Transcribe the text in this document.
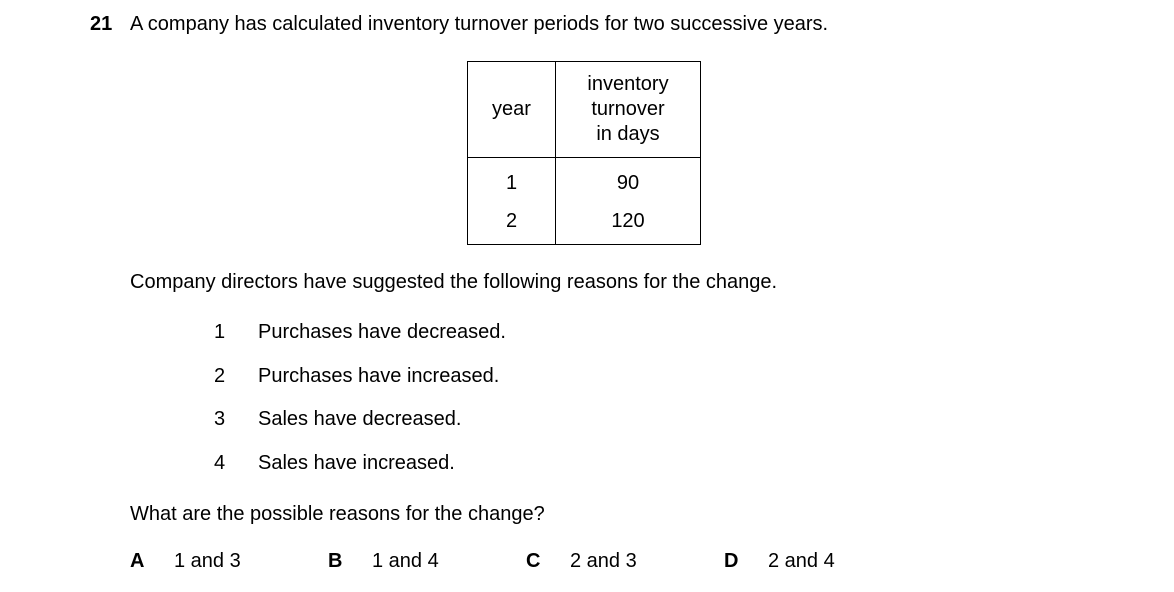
21 A company has calculated inventory turnover periods for two successive years.
year	inventory
turnover
in days

1	90
2	120
Company directors have suggested the following reasons for the change.
1 Purchases have decreased.
2 Purchases have increased.
3 Sales have decreased.
4 Sales have increased.
What are the possible reasons for the change?
A 1 and 3	B 1 and 4	C 2 and 3	D 2 and 4
